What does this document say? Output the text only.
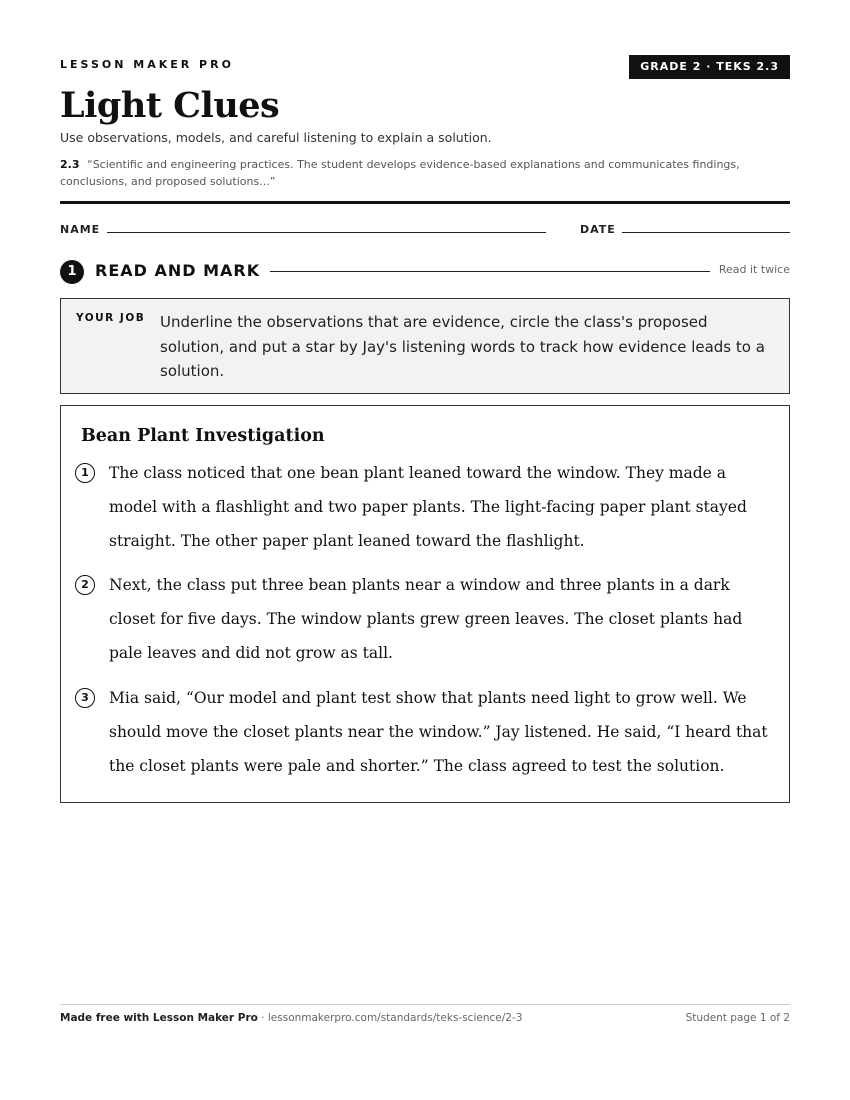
LESSON MAKER PRO	GRADE 2 · TEKS 2.3
Light Clues
Use observations, models, and careful listening to explain a solution.
2.3 “Scientific and engineering practices. The student develops evidence-based explanations and communicates findings, conclusions, and proposed solutions...”
NAME	DATE
1	READ AND MARK	Read it twice
YOUR JOB Underline the observations that are evidence, circle the class's proposed solution, and put a star by Jay's listening words to track how evidence leads to a solution.
Bean Plant Investigation
1	The class noticed that one bean plant leaned toward the window. They made a model with a flashlight and two paper plants. The light-facing paper plant stayed straight. The other paper plant leaned toward the flashlight.
2	Next, the class put three bean plants near a window and three plants in a dark closet for five days. The window plants grew green leaves. The closet plants had pale leaves and did not grow as tall.
3	Mia said, “Our model and plant test show that plants need light to grow well. We should move the closet plants near the window.” Jay listened. He said, “I heard that the closet plants were pale and shorter.” The class agreed to test the solution.
Made free with Lesson Maker Pro · lessonmakerpro.com/standards/teks-science/2-3	Student page 1 of 2
